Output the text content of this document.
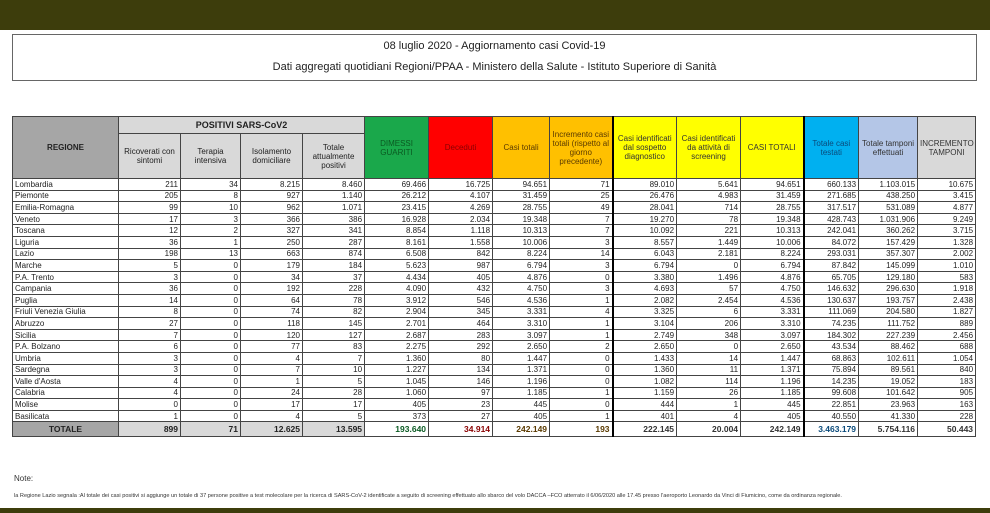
08 luglio 2020 - Aggiornamento casi Covid-19
Dati aggregati quotidiani Regioni/PPAA - Ministero della Salute - Istituto Superiore di Sanità
REGIONE	POSITIVI SARS-CoV2				DIMESSI GUARITI	Deceduti	Casi totali	Incremento casi totali (rispetto al giorno precedente)	Casi identificati dal sospetto diagnostico	Casi identificati da attività di screening	CASI TOTALI	Totale casi testati	Totale tamponi effettuati	INCREMENTO TAMPONI
	Ricoverati con sintomi	Terapia intensiva	Isolamento domiciliare	Totale attualmente positivi										
Lombardia	211	34	8.215	8.460	69.466	16.725	94.651	71	89.010	5.641	94.651	660.133	1.103.015	10.675
Piemonte	205	8	927	1.140	26.212	4.107	31.459	25	26.476	4.983	31.459	271.685	438.250	3.415
Emilia-Romagna	99	10	962	1.071	23.415	4.269	28.755	49	28.041	714	28.755	317.517	531.089	4.877
Veneto	17	3	366	386	16.928	2.034	19.348	7	19.270	78	19.348	428.743	1.031.906	9.249
Toscana	12	2	327	341	8.854	1.118	10.313	7	10.092	221	10.313	242.041	360.262	3.715
Liguria	36	1	250	287	8.161	1.558	10.006	3	8.557	1.449	10.006	84.072	157.429	1.328
Lazio	198	13	663	874	6.508	842	8.224	14	6.043	2.181	8.224	293.031	357.307	2.002
Marche	5	0	179	184	5.623	987	6.794	3	6.794	0	6.794	87.842	145.099	1.010
P.A. Trento	3	0	34	37	4.434	405	4.876	0	3.380	1.496	4.876	65.705	129.180	583
Campania	36	0	192	228	4.090	432	4.750	3	4.693	57	4.750	146.632	296.630	1.918
Puglia	14	0	64	78	3.912	546	4.536	1	2.082	2.454	4.536	130.637	193.757	2.438
Friuli Venezia Giulia	8	0	74	82	2.904	345	3.331	4	3.325	6	3.331	111.069	204.580	1.827
Abruzzo	27	0	118	145	2.701	464	3.310	1	3.104	206	3.310	74.235	111.752	889
Sicilia	7	0	120	127	2.687	283	3.097	1	2.749	348	3.097	184.302	227.239	2.456
P.A. Bolzano	6	0	77	83	2.275	292	2.650	2	2.650	0	2.650	43.534	88.462	688
Umbria	3	0	4	7	1.360	80	1.447	0	1.433	14	1.447	68.863	102.611	1.054
Sardegna	3	0	7	10	1.227	134	1.371	0	1.360	11	1.371	75.894	89.561	840
Valle d'Aosta	4	0	1	5	1.045	146	1.196	0	1.082	114	1.196	14.235	19.052	183
Calabria	4	0	24	28	1.060	97	1.185	1	1.159	26	1.185	99.608	101.642	905
Molise	0	0	17	17	405	23	445	0	444	1	445	22.851	23.963	163
Basilicata	1	0	4	5	373	27	405	1	401	4	405	40.550	41.330	228
TOTALE	899	71	12.625	13.595	193.640	34.914	242.149	193	222.145	20.004	242.149	3.463.179	5.754.116	50.443
Note:
la Regione Lazio segnala :Al totale dei casi positivi si aggiunge un totale di 37 persone positive a test molecolare per la ricerca di SARS-CoV-2 identificate a seguito di screening effettuato allo sbarco del volo DACCA –FCO atterrato il 6/06/2020 alle 17.45 presso l'aeroporto Leonardo da Vinci di Fiumicino, come da ordinanza regionale.
